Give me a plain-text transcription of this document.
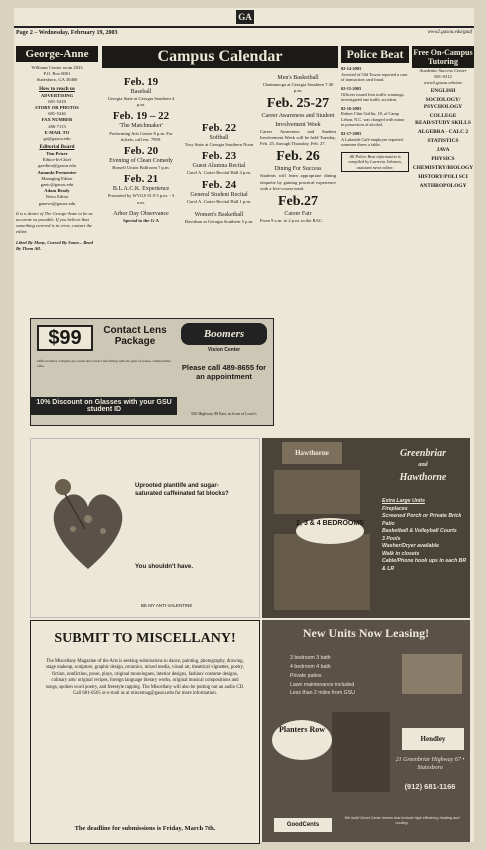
GA
Page 2 – Wednesday, February 19, 2003	www2.gasou.edu/gaaf
George-Anne
Williams Center room 2023
P.O. Box 8001
Statesboro, GA 30460
How to reach us
ADVERTISING
681-5418
STORY OR PHOTOS
681-5246
FAX NUMBER
486-7113
E-MAIL TO
ga@gasou.edu
Editorial Board
Tim Prizer
Editor-In-Chief
gaeditor@gasou.edu
Amanda Permenter
Managing Editor
gaeic@gasou.edu
Adam Brady
News Editor
ganews@gasou.edu
It is a desire of The George-Anne to be as accurate as possible. If you believe that something covered is in error, contact the editor.
Liked By Many, Cursed By Some... Read By Them All.
Campus Calendar
Feb. 19
Baseball
Georgia State at Georgia Southern 4 p.m.
Feb. 19 – 22
'The Matchmaker'
Performing Arts Center 8 p.m. For tickets, call ext. 7999.
Feb. 20
Evening of Clean Comedy
Russell Union Ballroom 7 p.m.
Feb. 21
B.L.A.C.K. Experience
Promoted by WVGS 91.9 5 p.m. - 3 a.m.
Arbor Day Observance
Special to the G-A
Feb. 22
Softball
Troy State at Georgia Southern Noon
Feb. 23
Guest Alumna Recital
Carol A. Carter Recital Hall 4 p.m.
Feb. 24
General Student Recital
Carol A. Carter Recital Hall 1 p.m.
Women's Basketball
Davidson at Georgia Southern 5 p.m.
Men's Basketball
Chattanooga at Georgia Southern 7:30 p.m.
Feb. 25-27
Career Awareness and Student Involvement Week
Career Awareness and Student Involvement Week will be held Tuesday, Feb. 25, through Thursday, Feb. 27.
Feb. 26
Dining For Success
Students will learn appropriate dining etiquette by gaining practical experience with a five-course meal.
Feb.27
Career Fair
From 9 a.m. to 2 p.m. in the RAC.
Police Beat
02-14-2003
Arrested of Old Towne reported a case of transaction card fraud.
02-15-2003
Officers issued four traffic warnings, investigated one traffic accident.
02-16-2003
Robert Clint Griffin, 18, of Camp Lehon, N.C. was charged with minor in possession of alcohol.
02-17-2003
A Lakeside Café employee reported someone threw a table.
All Police Beat information is compiled by Lucrecia Johnson, assistant news editor.
Free On-Campus Tutoring
Academic Success Center
681-0312
www2.gasou.edu/asc
ENGLISH
SOCIOLOGY/ PSYCHOLOGY
COLLEGE READ/STUDY SKILLS
ALGEBRA - CALC 2
STATISTICS
JAVA
PHYSICS
CHEMISTRY/BIOLOGY
HISTORY/POLI SCI
ANTHROPOLOGY
$99	Contact Lens Package
Offer includes complete eye exam and contact lens fitting with six pairs of lenses. Limited time offer.
10% Discount on Glasses with your GSU student ID
Boomers
Vision Center
Please call 489-8655 for an appointment
820 Highway 80 East, in front of Lowe's
Uprooted plantlife and sugar-saturated caffeinated fat blocks?
You shouldn't have.
BE MY ANTI-VALENTINE
SUBMIT TO MISCELLANY!
The Miscellany Magazine of the Arts is seeking submissions in dance, painting, photography, drawing, stage makeup, sculpture, graphic design, ceramics, mixed media, visual art, theatrical vignettes, poetry, fiction, nonfiction, prose, plays, original monologues, interior designs, fashion/ costume designs, culinary arts/ original recipes, foreign language literary works, original musical compositions and songs, spoken word poetry, and freestyle rapping. The Miscellany will also be putting out an audio CD. Call 681-0565 or e-mail us at miscemag@gasou.edu for more information.
The deadline for submissions is Friday, March 7th.
Hawthorne
2, 3 & 4 BEDROOMS
Greenbriar
and
Hawthorne
Extra Large Units
Fireplaces
Screened Porch or Private Brick Patio
Basketball & Volleyball Courts
3 Pools
Washer/Dryer available
Walk in closets
Cable/Phone hook ups in each BR & LR
New Units Now Leasing!
3 bedroom 3 bath
4 bedroom 4 bath
Private patios
Lawn maintenance included
Less than 2 miles from GSU
Planters Row
Hendley
21 Greenbriar Highway 67 • Statesboro
(912) 681-1166
GoodCents
We build Good Cents homes that include high efficiency heating and cooling.
